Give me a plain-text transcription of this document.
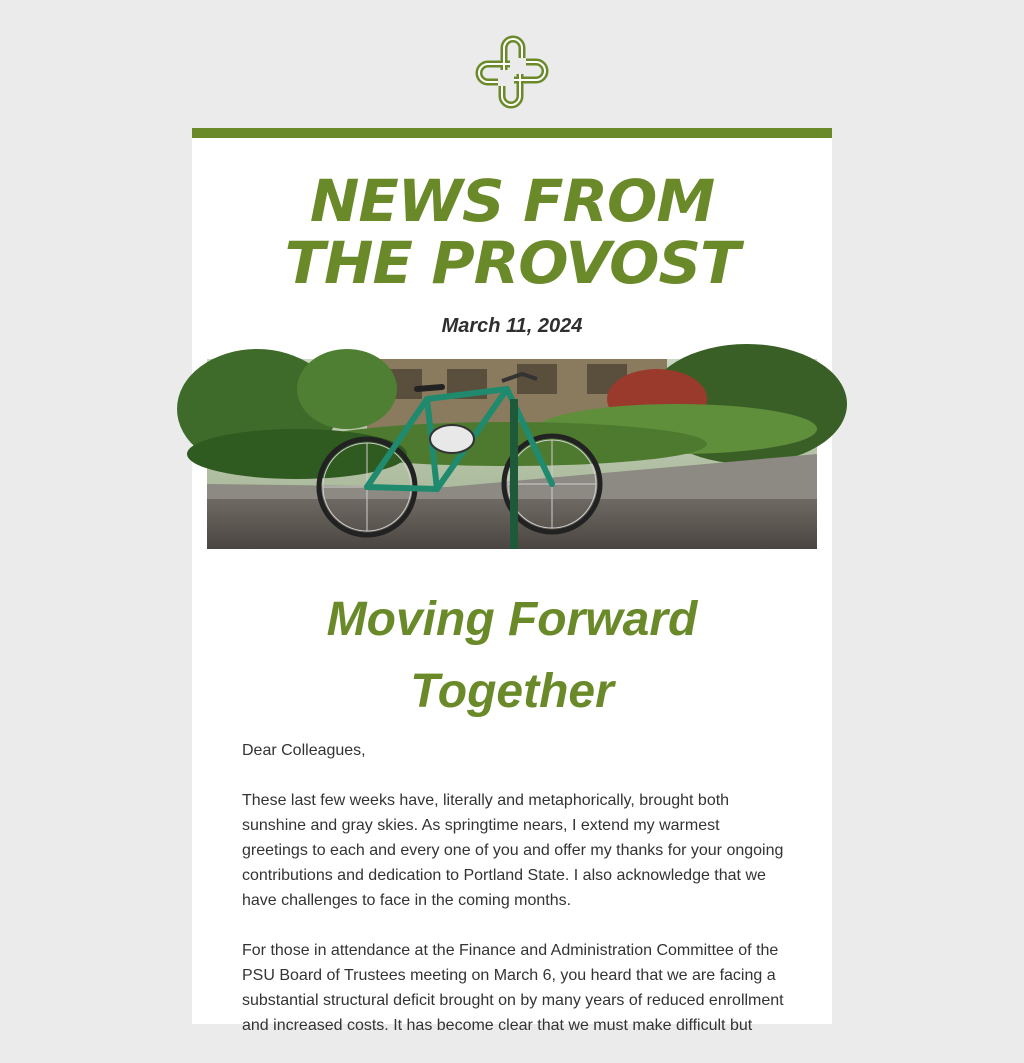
NEWS FROM
THE PROVOST
March 11, 2024
Moving Forward
Together

Dear Colleagues,

These last few weeks have, literally and metaphorically, brought both sunshine and gray skies. As springtime nears, I extend my warmest greetings to each and every one of you and offer my thanks for your ongoing contributions and dedication to Portland State. I also acknowledge that we have challenges to face in the coming months.

For those in attendance at the Finance and Administration Committee of the PSU Board of Trustees meeting on March 6, you heard that we are facing a substantial structural deficit brought on by many years of reduced enrollment and increased costs. It has become clear that we must make difficult but
